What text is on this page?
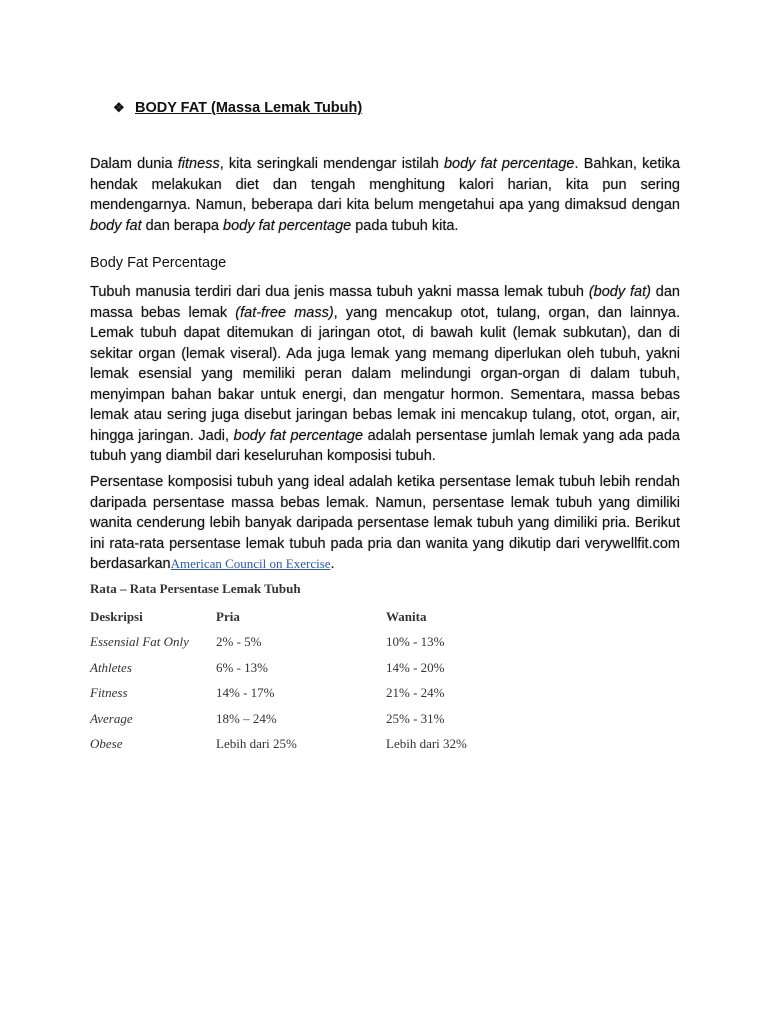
❖ BODY FAT (Massa Lemak Tubuh)

Dalam dunia fitness, kita seringkali mendengar istilah body fat percentage. Bahkan, ketika hendak melakukan diet dan tengah menghitung kalori harian, kita pun sering mendengarnya. Namun, beberapa dari kita belum mengetahui apa yang dimaksud dengan body fat dan berapa body fat percentage pada tubuh kita.

Body Fat Percentage

Tubuh manusia terdiri dari dua jenis massa tubuh yakni massa lemak tubuh (body fat) dan massa bebas lemak (fat-free mass), yang mencakup otot, tulang, organ, dan lainnya. Lemak tubuh dapat ditemukan di jaringan otot, di bawah kulit (lemak subkutan), dan di sekitar organ (lemak viseral). Ada juga lemak yang memang diperlukan oleh tubuh, yakni lemak esensial yang memiliki peran dalam melindungi organ-organ di dalam tubuh, menyimpan bahan bakar untuk energi, dan mengatur hormon. Sementara, massa bebas lemak atau sering juga disebut jaringan bebas lemak ini mencakup tulang, otot, organ, air, hingga jaringan. Jadi, body fat percentage adalah persentase jumlah lemak yang ada pada tubuh yang diambil dari keseluruhan komposisi tubuh.

Persentase komposisi tubuh yang ideal adalah ketika persentase lemak tubuh lebih rendah daripada persentase massa bebas lemak. Namun, persentase lemak tubuh yang dimiliki wanita cenderung lebih banyak daripada persentase lemak tubuh yang dimiliki pria. Berikut ini rata-rata persentase lemak tubuh pada pria dan wanita yang dikutip dari verywellfit.com berdasarkanAmerican Council on Exercise.

Rata – Rata Persentase Lemak Tubuh
Deskripsi	Pria	Wanita
Essensial Fat Only	2% - 5%	10% - 13%
Athletes	6% - 13%	14% - 20%
Fitness	14% - 17%	21% - 24%
Average	18% – 24%	25% - 31%
Obese	Lebih dari 25%	Lebih dari 32%
